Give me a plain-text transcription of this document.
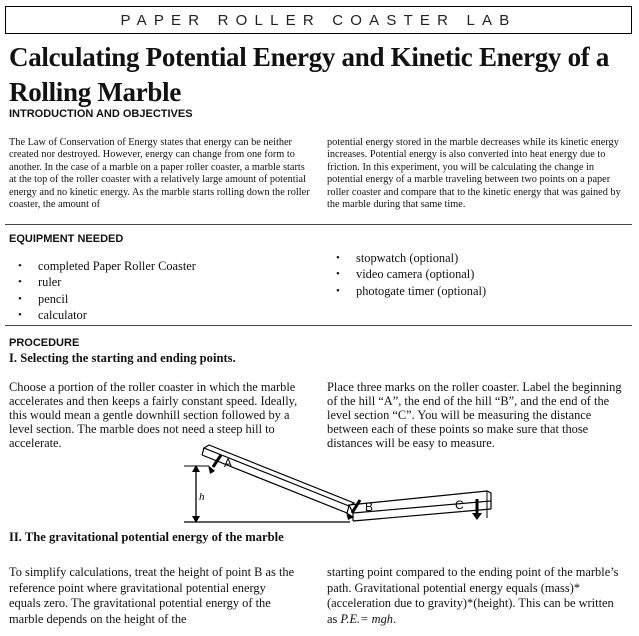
PAPER ROLLER COASTER LAB
Calculating Potential Energy and Kinetic Energy of a Rolling Marble
INTRODUCTION AND OBJECTIVES

The Law of Conservation of Energy states that energy can be neither created nor destroyed. However, energy can change from one form to another. In the case of a marble on a paper roller coaster, a marble starts at the top of the roller coaster with a relatively large amount of potential energy and no kinetic energy. As the marble starts rolling down the roller coaster, the amount of

potential energy stored in the marble decreases while its kinetic energy increases. Potential energy is also converted into heat energy due to friction. In this experiment, you will be calculating the change in potential energy of a marble traveling between two points on a paper roller coaster and compare that to the kinetic energy that was gained by the marble during that same time.

EQUIPMENT NEEDED
• completed Paper Roller Coaster
• ruler
• pencil
• calculator
• stopwatch (optional)
• video camera (optional)
• photogate timer (optional)
PROCEDURE
I. Selecting the starting and ending points.

Choose a portion of the roller coaster in which the marble accelerates and then keeps a fairly constant speed. Ideally, this would mean a gentle downhill section followed by a level section. The marble does not need a steep hill to accelerate.

Place three marks on the roller coaster. Label the beginning of the hill “A”, the end of the hill “B”, and the end of the level section “C”. You will be measuring the distance between each of these points so make sure that those distances will be easy to measure.

h
A
B	C
II. The gravitational potential energy of the marble

To simplify calculations, treat the height of point B as the reference point where gravitational potential energy equals zero. The gravitational potential energy of the marble depends on the height of the

starting point compared to the ending point of the marble’s path. Gravitational potential energy equals (mass)*(acceleration due to gravity)*(height). This can be written as P.E.= mgh.
